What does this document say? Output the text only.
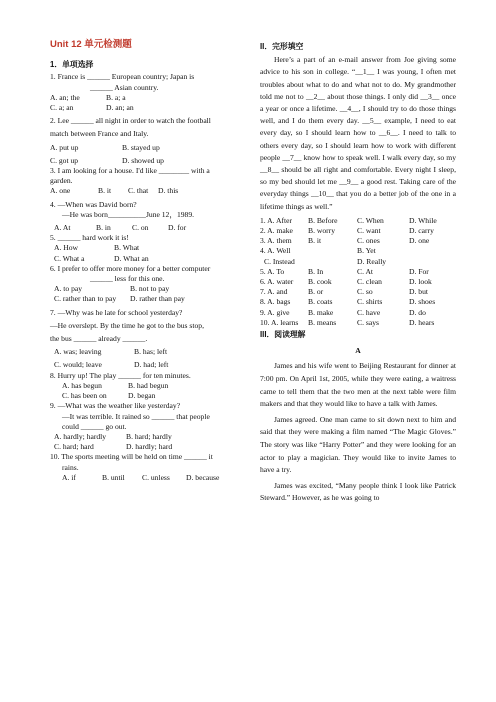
Unit 12 单元检测题
1．单项选择
1. France is ______ European country; Japan is
______ Asian country.
A. an; the	B. a; a
C. a; an	D. an; an
2. Lee ______ all night in order to watch the football
match between France and Italy.
A. put up	B. stayed up
C. got up	D. showed up
3. I am looking for a house. I'd like ________ with a
garden.
A. one	B. it	C. that	D. this
4. —When was David born?
—He was born__________June 12，1989.
A. At	B. in	C. on	D. for
5. ______ hard work it is!
A. How	B. What
C. What a	D. What an
6. I prefer to offer more money for a better computer
______ less for this one.
A. to pay	B. not to pay
C. rather than to pay	D. rather than pay
7. —Why was he late for school yesterday?
—He overslept. By the time he got to the bus stop,
the bus ______ already ______.
A. was; leaving	B. has; left
C. would; leave	D. had; left
8. Hurry up! The play ______ for ten minutes.
A. has begun	B. had begun
C. has been on	D. began
9. —What was the weather like yesterday?
—It was terrible. It rained so ______ that people
could ______ go out.
A. hardly; hardly	B. hard; hardly
C. hard; hard	D. hardly; hard
10. The sports meeting will be held on time ______ it
rains.
A. if	B. until	C. unless	D. because
II．完形填空
Here’s a part of an e-mail answer from Joe giving some advice to his son in college. “__1__ I was young, I often met troubles about what to do and what not to do. My grandmother told me not to __2__ about those things. I only did __3__ once a year or once a lifetime. __4__, I should try to do those things well, and I do them every day. __5__ example, I need to eat every day, so I should learn how to __6__. I need to talk to others every day, so I should learn how to work with different people __7__ know how to speak well. I walk every day, so my __8__ should be all right and comfortable. Every night I sleep, so my bed should let me __9__ a good rest. Taking care of the everyday things __10__ that you do a better job of the one in a lifetime things as well.”
1. A. After	B. Before	C. When	D. While
2. A. make	B. worry	C. want	D. carry
3. A. them	B. it	C. ones	D. one
4. A. Well	B. Yet
C. Instead	D. Really
5. A. To	B. In	C. At	D. For
6. A. water	B. cook	C. clean	D. look
7. A. and	B. or	C. so	D. but
8. A. bags	B. coats	C. shirts	D. shoes
9. A. give	B. make	C. have	D. do
10. A. learns	B. means	C. says	D. hears
III．阅读理解
A
James and his wife went to Beijing Restaurant for dinner at 7:00 pm. On April 1st, 2005, while they were eating, a waitress came to tell them that the two men at the next table were film makers and that they would like to have a talk with James.
James agreed. One man came to sit down next to him and said that they were making a film named “The Magic Gloves.” The story was like “Harry Potter” and they were looking for an actor to play a magician. They would like to invite James to have a try.
James was excited, “Many people think I look like Patrick Steward.” However, as he was going to
